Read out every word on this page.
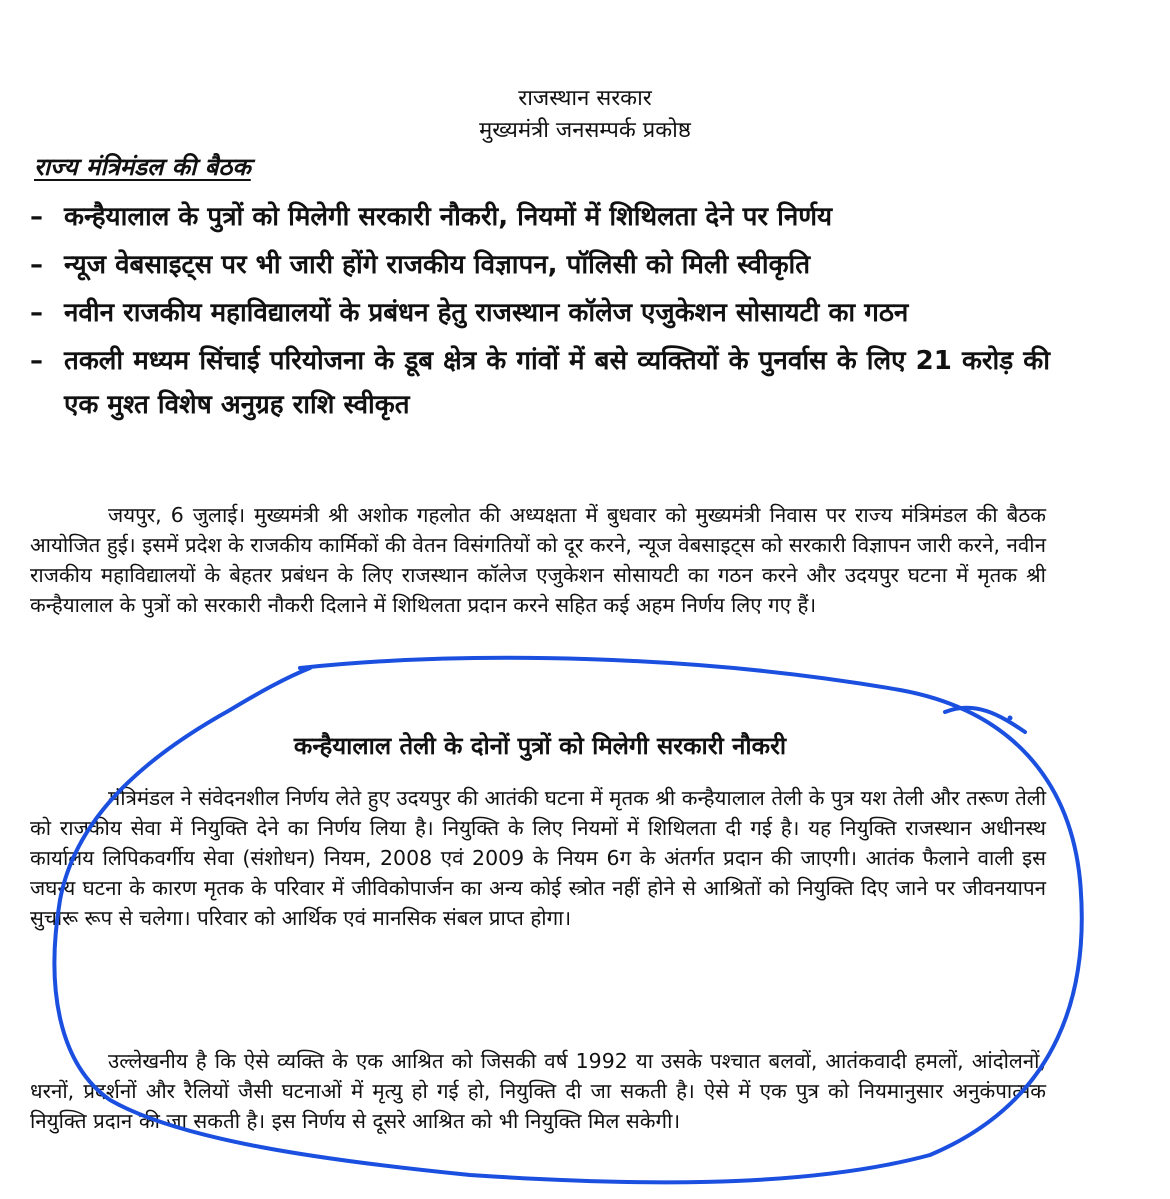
राजस्थान सरकार
मुख्यमंत्री जनसम्पर्क प्रकोष्ठ
राज्य मंत्रिमंडल की बैठक
– कन्हैयालाल के पुत्रों को मिलेगी सरकारी नौकरी, नियमों में शिथिलता देने पर निर्णय
– न्यूज वेबसाइट्स पर भी जारी होंगे राजकीय विज्ञापन, पॉलिसी को मिली स्वीकृति
– नवीन राजकीय महाविद्यालयों के प्रबंधन हेतु राजस्थान कॉलेज एजुकेशन सोसायटी का गठन
– तकली मध्यम सिंचाई परियोजना के डूब क्षेत्र के गांवों में बसे व्यक्तियों के पुनर्वास के लिए 21 करोड़ की एक मुश्त विशेष अनुग्रह राशि स्वीकृत

जयपुर, 6 जुलाई। मुख्यमंत्री श्री अशोक गहलोत की अध्यक्षता में बुधवार को मुख्यमंत्री निवास पर राज्य मंत्रिमंडल की बैठक आयोजित हुई। इसमें प्रदेश के राजकीय कार्मिकों की वेतन विसंगतियों को दूर करने, न्यूज वेबसाइट्स को सरकारी विज्ञापन जारी करने, नवीन राजकीय महाविद्यालयों के बेहतर प्रबंधन के लिए राजस्थान कॉलेज एजुकेशन सोसायटी का गठन करने और उदयपुर घटना में मृतक श्री कन्हैयालाल के पुत्रों को सरकारी नौकरी दिलाने में शिथिलता प्रदान करने सहित कई अहम निर्णय लिए गए हैं।

कन्हैयालाल तेली के दोनों पुत्रों को मिलेगी सरकारी नौकरी

मंत्रिमंडल ने संवेदनशील निर्णय लेते हुए उदयपुर की आतंकी घटना में मृतक श्री कन्हैयालाल तेली के पुत्र यश तेली और तरूण तेली को राजकीय सेवा में नियुक्ति देने का निर्णय लिया है। नियुक्ति के लिए नियमों में शिथिलता दी गई है। यह नियुक्ति राजस्थान अधीनस्थ कार्यालय लिपिकवर्गीय सेवा (संशोधन) नियम, 2008 एवं 2009 के नियम 6ग के अंतर्गत प्रदान की जाएगी। आतंक फैलाने वाली इस जघन्य घटना के कारण मृतक के परिवार में जीविकोपार्जन का अन्य कोई स्त्रोत नहीं होने से आश्रितों को नियुक्ति दिए जाने पर जीवनयापन सुचारू रूप से चलेगा। परिवार को आर्थिक एवं मानसिक संबल प्राप्त होगा।

उल्लेखनीय है कि ऐसे व्यक्ति के एक आश्रित को जिसकी वर्ष 1992 या उसके पश्चात बलवों, आतंकवादी हमलों, आंदोलनों, धरनों, प्रदर्शनों और रैलियों जैसी घटनाओं में मृत्यु हो गई हो, नियुक्ति दी जा सकती है। ऐसे में एक पुत्र को नियमानुसार अनुकंपात्मक नियुक्ति प्रदान की जा सकती है। इस निर्णय से दूसरे आश्रित को भी नियुक्ति मिल सकेगी।
